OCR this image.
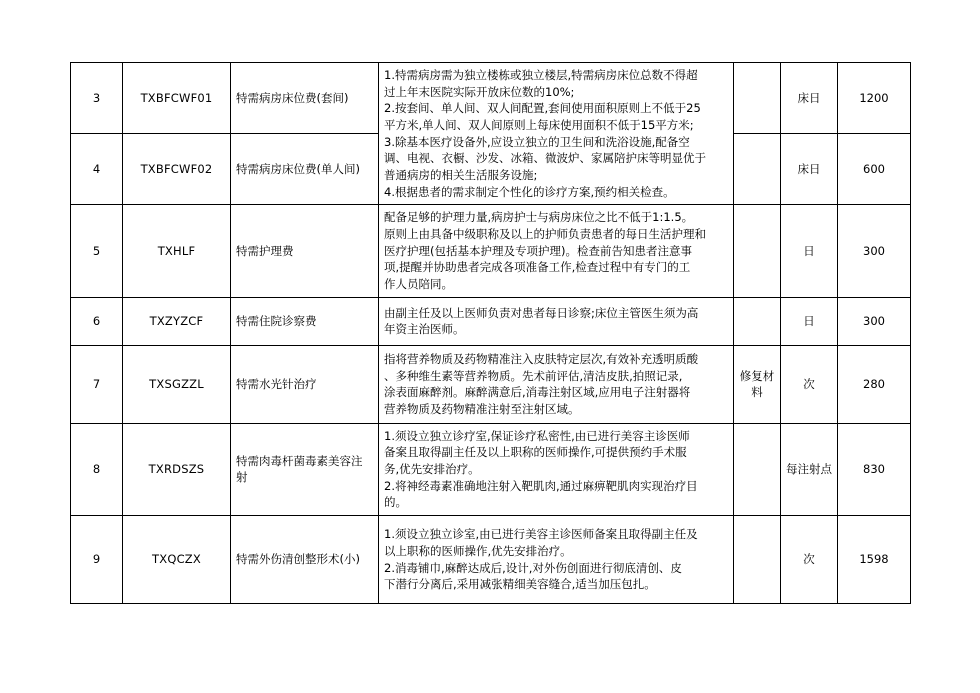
3	TXBFCWF01	特需病房床位费(套间)	
1.特需病房需为独立楼栋或独立楼层,特需病房床位总数不得超
过上年末医院实际开放床位数的10%;
2.按套间、单人间、双人间配置,套间使用面积原则上不低于25
平方米,单人间、双人间原则上每床使用面积不低于15平方米;
3.除基本医疗设备外,应设立独立的卫生间和洗浴设施,配备空
调、电视、衣橱、沙发、冰箱、微波炉、家属陪护床等明显优于
普通病房的相关生活服务设施;
4.根据患者的需求制定个性化的诊疗方案,预约相关检查。
		床日	1200
4	TXBFCWF02	特需病房床位费(单人间)			床日	600
5	TXHLF	特需护理费	配备足够的护理力量,病房护士与病房床位之比不低于1:1.5。
原则上由具备中级职称及以上的护师负责患者的每日生活护理和
医疗护理(包括基本护理及专项护理)。检查前告知患者注意事
项,提醒并协助患者完成各项准备工作,检查过程中有专门的工
作人员陪同。		日	300
6	TXZYZCF	特需住院诊察费	由副主任及以上医师负责对患者每日诊察;床位主管医生须为高
年资主治医师。		日	300
7	TXSGZZL	特需水光针治疗	指将营养物质及药物精准注入皮肤特定层次,有效补充透明质酸
、多种维生素等营养物质。先术前评估,清洁皮肤,拍照记录,
涂表面麻醉剂。麻醉满意后,消毒注射区域,应用电子注射器将
营养物质及药物精准注射至注射区域。	修复材料	次	280
8	TXRDSZS	特需肉毒杆菌毒素美容注射	1.须设立独立诊疗室,保证诊疗私密性,由已进行美容主诊医师
备案且取得副主任及以上职称的医师操作,可提供预约手术服
务,优先安排治疗。
2.将神经毒素准确地注射入靶肌肉,通过麻痹靶肌肉实现治疗目
的。		每注射点	830
9	TXQCZX	特需外伤清创整形术(小)	1.须设立独立诊室,由已进行美容主诊医师备案且取得副主任及
以上职称的医师操作,优先安排治疗。
2.消毒铺巾,麻醉达成后,设计,对外伤创面进行彻底清创、皮
下潜行分离后,采用减张精细美容缝合,适当加压包扎。		次	1598
